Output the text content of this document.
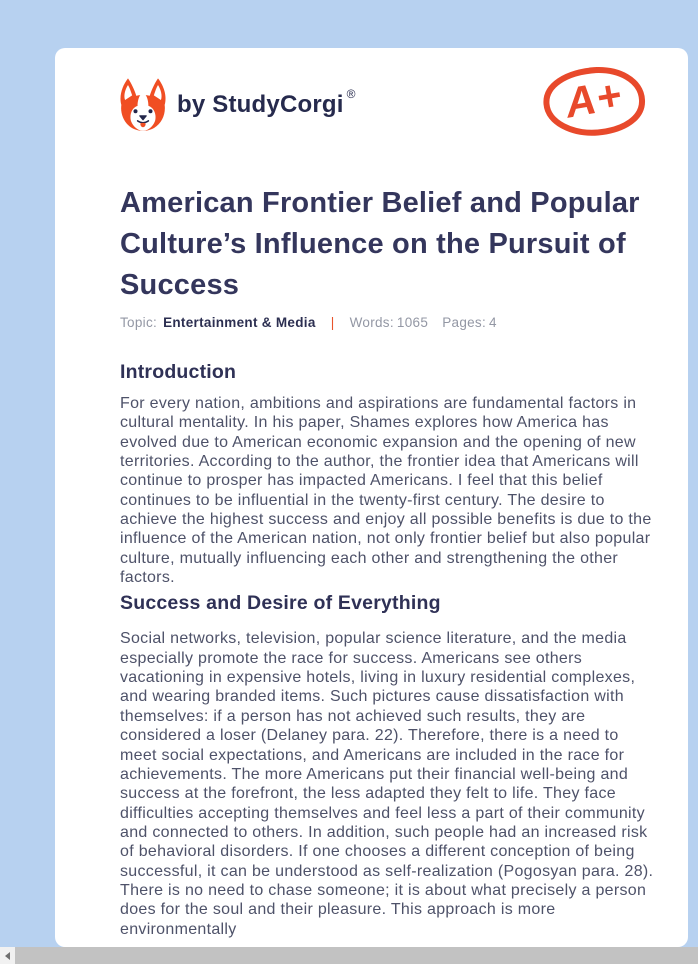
by StudyCorgi ®	A+
American Frontier Belief and Popular Culture’s Influence on the Pursuit of Success
Topic: Entertainment & Media | Words: 1065 Pages: 4
Introduction

For every nation, ambitions and aspirations are fundamental factors in cultural mentality. In his paper, Shames explores how America has evolved due to American economic expansion and the opening of new territories. According to the author, the frontier idea that Americans will continue to prosper has impacted Americans. I feel that this belief continues to be influential in the twenty-first century. The desire to achieve the highest success and enjoy all possible benefits is due to the influence of the American nation, not only frontier belief but also popular culture, mutually influencing each other and strengthening the other factors.

Success and Desire of Everything

Social networks, television, popular science literature, and the media especially promote the race for success. Americans see others vacationing in expensive hotels, living in luxury residential complexes, and wearing branded items. Such pictures cause dissatisfaction with themselves: if a person has not achieved such results, they are considered a loser (Delaney para. 22). Therefore, there is a need to meet social expectations, and Americans are included in the race for achievements. The more Americans put their financial well-being and success at the forefront, the less adapted they felt to life. They face difficulties accepting themselves and feel less a part of their community and connected to others. In addition, such people had an increased risk of behavioral disorders. If one chooses a different conception of being successful, it can be understood as self-realization (Pogosyan para. 28). There is no need to chase someone; it is about what precisely a person does for the soul and their pleasure. This approach is more environmentally
